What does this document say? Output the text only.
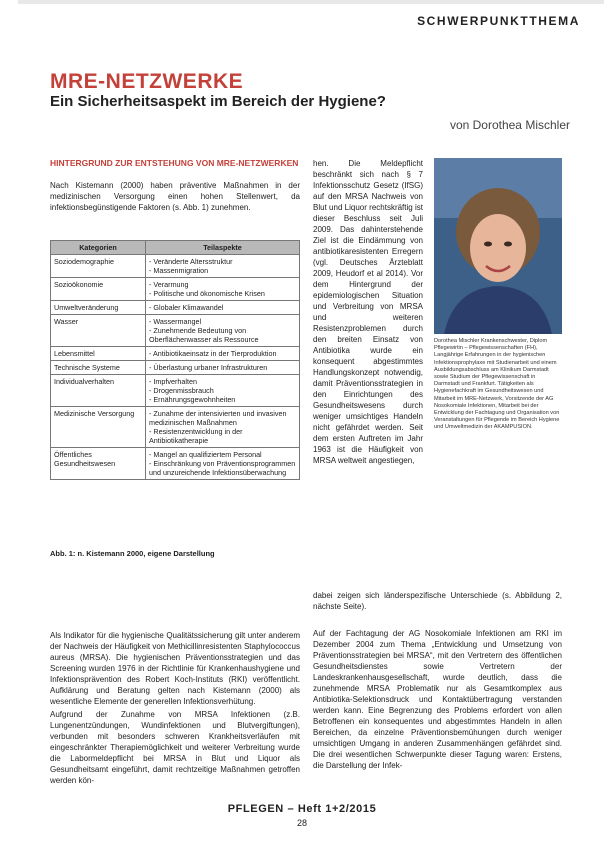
SCHWERPUNKTTHEMA
MRE-NETZWERKE
Ein Sicherheitsaspekt im Bereich der Hygiene?
von Dorothea Mischler
HINTERGRUND ZUR ENTSTEHUNG VON MRE-NETZWERKEN
Nach Kistemann (2000) haben präventive Maßnahmen in der medizinischen Versorgung einen hohen Stellenwert, da infektionsbegünstigende Faktoren (s. Abb. 1) zunehmen.
Kategorien	Teilaspekte
Soziodemographie	- Veränderte Altersstruktur
- Massenmigration
Sozioökonomie	- Verarmung
- Politische und ökonomische Krisen
Umweltveränderung	- Globaler Klimawandel
Wasser	- Wassermangel
- Zunehmende Bedeutung von Oberflächenwasser als Ressource
Lebensmittel	- Antibiotikaeinsatz in der Tierproduktion
Technische Systeme	- Überlastung urbaner Infrastrukturen
Individualverhalten	- Impfverhalten
- Drogenmissbrauch
- Ernährungsgewohnheiten
Medizinische Versorgung	- Zunahme der intensivierten und invasiven medizinischen Maßnahmen
- Resistenzentwicklung in der Antibiotikatherapie
Öffentliches Gesundheitswesen	- Mangel an qualifiziertem Personal
- Einschränkung von Präventionsprogrammen und unzureichende Infektionsüberwachung
Abb. 1: n. Kistemann 2000, eigene Darstellung
hen. Die Meldepflicht beschränkt sich nach § 7 Infektionsschutz Gesetz (IfSG) auf den MRSA Nachweis von Blut und Liquor rechtskräftig ist dieser Beschluss seit Juli 2009. Das dahinterstehende Ziel ist die Eindämmung von antibiotikaresistenten Erregern (vgl. Deutsches Ärzteblatt 2009, Heudorf et al 2014). Vor dem Hintergrund der epidemiologischen Situation und Verbreitung von MRSA und weiteren Resistenzproblemen durch den breiten Einsatz von Antibiotika wurde ein konsequent abgestimmtes Handlungskonzept notwendig, damit Präventionsstrategien in den Einrichtungen des Gesundheitswesens durch weniger umsichtiges Handeln nicht gefährdet werden. Seit dem ersten Auftreten im Jahr 1963 ist die Häufigkeit von MRSA weltweit angestiegen,
Dorothea Mischler Krankenschwester, Diplom Pflegewirtin – Pflegewissenschaften (FH), Langjährige Erfahrungen in der hygienischen Infektionsprophylaxe mit Studienarbeit und einem Ausbildungsabschluss am Klinikum Darmstadt sowie Studium der Pflegewissenschaft in Darmstadt und Frankfurt. Tätigkeiten als Hygienefachkraft im Gesundheitswesen und Mitarbeit im MRE-Netzwerk, Vorsitzende der AG Nosokomiale Infektionen, Mitarbeit bei der Entwicklung der Fachtagung und Organisation von Veranstaltungen für Pflegende im Bereich Hygiene und Umweltmedizin der AKAMPUSION.

Als Indikator für die hygienische Qualitätssicherung gilt unter anderem der Nachweis der Häufigkeit von Methicillinresistenten Staphylococcus aureus (MRSA). Die hygienischen Präventionsstrategien und das Screening wurden 1976 in der Richtlinie für Krankenhaushygiene und Infektionsprävention des Robert Koch-Instituts (RKI) veröffentlicht. Aufklärung und Beratung gelten nach Kistemann (2000) als wesentliche Elemente der generellen Infektionsverhütung.

Aufgrund der Zunahme von MRSA Infektionen (z.B. Lungenentzündungen, Wundinfektionen und Blutvergiftungen), verbunden mit besonders schweren Krankheitsverläufen mit eingeschränkter Therapiemöglichkeit und weiterer Verbreitung wurde die Labormeldepflicht bei MRSA in Blut und Liquor als Gesundheitsamt eingeführt, damit rechtzeitige Maßnahmen getroffen werden kön-

dabei zeigen sich länderspezifische Unterschiede (s. Abbildung 2, nächste Seite).
Auf der Fachtagung der AG Nosokomiale Infektionen am RKI im Dezember 2004 zum Thema „Entwicklung und Umsetzung von Präventionsstrategien bei MRSA“, mit den Vertretern des öffentlichen Gesundheitsdienstes sowie Vertretern der Landeskrankenhausgesellschaft, wurde deutlich, dass die zunehmende MRSA Problematik nur als Gesamtkomplex aus Antibiotika-Selektionsdruck und Kontaktübertragung verstanden werden kann. Eine Begrenzung des Problems erfordert von allen Betroffenen ein konsequentes und abgestimmtes Handeln in allen Bereichen, da einzelne Präventionsbemühungen durch weniger umsichtigen Umgang in anderen Zusammenhängen gefährdet sind. Die drei wesentlichen Schwerpunkte dieser Tagung waren: Erstens, die Darstellung der Infek-
PFLEGEN – Heft 1+2/2015
28
